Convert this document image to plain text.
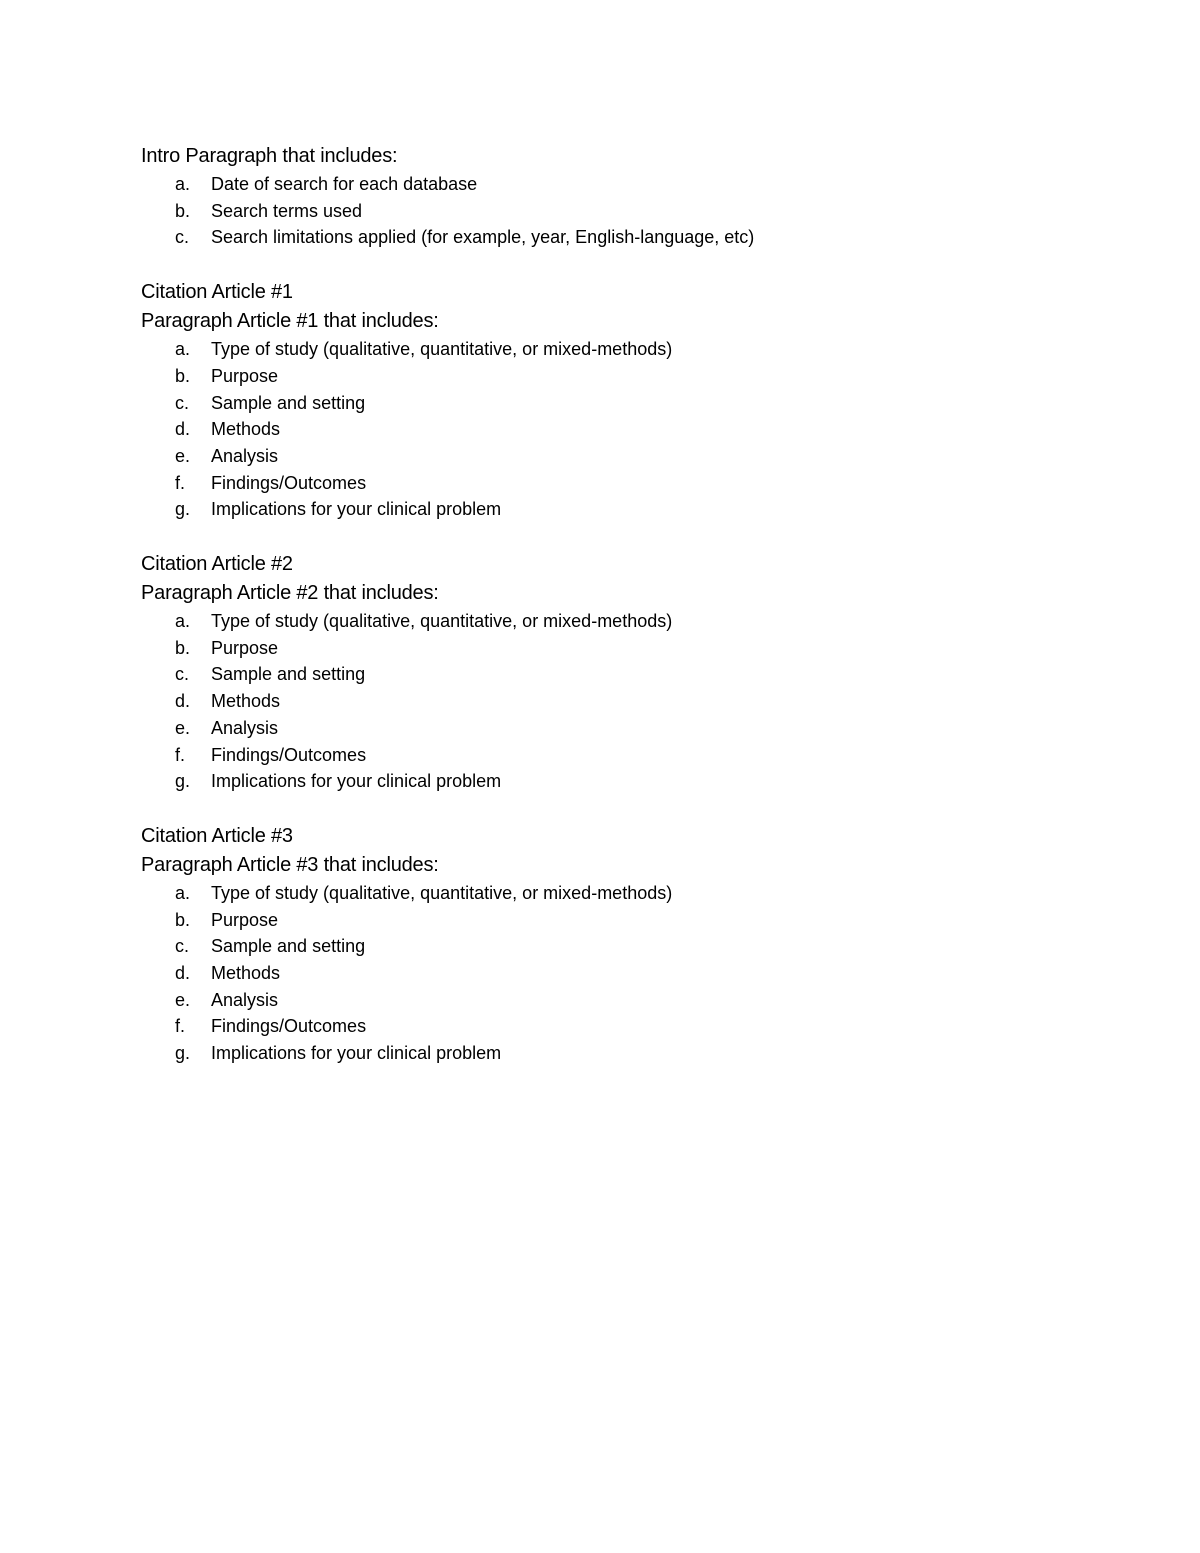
Intro Paragraph that includes:

a.	Date of search for each database
b.	Search terms used
c.	Search limitations applied (for example, year, English-language, etc)

Citation Article #1

Paragraph Article #1 that includes:

a.	Type of study (qualitative, quantitative, or mixed-methods)
b.	Purpose
c.	Sample and setting
d.	Methods
e.	Analysis
f.	Findings/Outcomes
g.	Implications for your clinical problem

Citation Article #2

Paragraph Article #2 that includes:

a.	Type of study (qualitative, quantitative, or mixed-methods)
b.	Purpose
c.	Sample and setting
d.	Methods
e.	Analysis
f.	Findings/Outcomes
g.	Implications for your clinical problem

Citation Article #3

Paragraph Article #3 that includes:

a.	Type of study (qualitative, quantitative, or mixed-methods)
b.	Purpose
c.	Sample and setting
d.	Methods
e.	Analysis
f.	Findings/Outcomes
g.	Implications for your clinical problem
